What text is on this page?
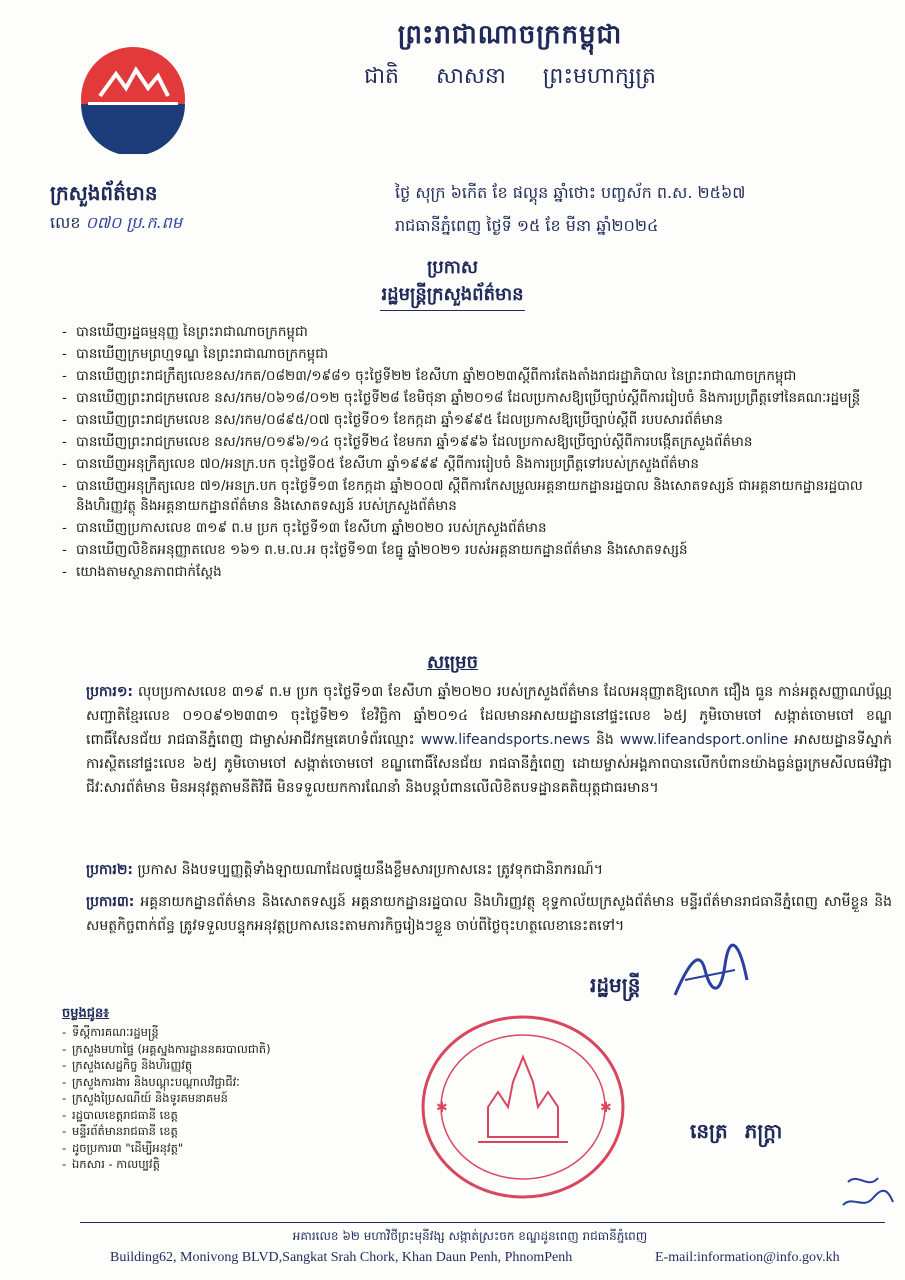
ព្រះរាជាណាចក្រកម្ពុជា
ជាតិ សាសនា ព្រះមហាក្សត្រ
ក្រសួងព័ត៌មាន
លេខ ០៧០ ប្រ.ក.ពម
ថ្ងៃ សុក្រ ៦កើត ខែ ផល្គុន ឆ្នាំថោះ បញ្ចស័ក ព.ស. ២៥៦៧
រាជធានីភ្នំពេញ ថ្ងៃទី ១៥ ខែ មីនា ឆ្នាំ២០២៤
ប្រកាស
រដ្ឋមន្ត្រីក្រសួងព័ត៌មាន
- បានឃើញរដ្ឋធម្មនុញ្ញ នៃព្រះរាជាណាចក្រកម្ពុជា
- បានឃើញក្រមព្រហ្មទណ្ឌ នៃព្រះរាជាណាចក្រកម្ពុជា
- បានឃើញព្រះរាជក្រឹត្យលេខនស/រកត/០៨២៣/១៩៨១ ចុះថ្ងៃទី២២ ខែសីហា ឆ្នាំ២០២៣ស្តីពីការតែងតាំងរាជរដ្ឋាភិបាល នៃព្រះរាជាណាចក្រកម្ពុជា
- បានឃើញព្រះរាជក្រមលេខ នស/រកម/០៦១៨/០១២ ចុះថ្ងៃទី២៨ ខែមិថុនា ឆ្នាំ២០១៨ ដែលប្រកាសឱ្យប្រើច្បាប់ស្តីពីការរៀបចំ និងការប្រព្រឹត្តទៅនៃគណៈរដ្ឋមន្ត្រី
- បានឃើញព្រះរាជក្រមលេខ នស/រកម/០៨៩៥/០៧ ចុះថ្ងៃទី០១ ខែកក្កដា ឆ្នាំ១៩៩៥ ដែលប្រកាសឱ្យប្រើច្បាប់ស្តីពី របបសារព័ត៌មាន
- បានឃើញព្រះរាជក្រមលេខ នស/រកម/០១៩៦/១៤ ចុះថ្ងៃទី២៤ ខែមករា ឆ្នាំ១៩៩៦ ដែលប្រកាសឱ្យប្រើច្បាប់ស្តីពីការបង្កើតក្រសួងព័ត៌មាន
- បានឃើញអនុក្រឹត្យលេខ ៧០/អនក្រ.បក ចុះថ្ងៃទី០៥ ខែសីហា ឆ្នាំ១៩៩៩ ស្តីពីការរៀបចំ និងការប្រព្រឹត្តទៅរបស់ក្រសួងព័ត៌មាន
- បានឃើញអនុក្រឹត្យលេខ ៧១/អនក្រ.បក ចុះថ្ងៃទី១៣ ខែកក្កដា ឆ្នាំ២០០៧ ស្តីពីការកែសម្រួលអគ្គនាយកដ្ឋានរដ្ឋបាល និងសោតទស្សន៍ ជាអគ្គនាយកដ្ឋានរដ្ឋបាល និងហិរញ្ញវត្ថុ និងអគ្គនាយកដ្ឋានព័ត៌មាន និងសោតទស្សន៍ របស់ក្រសួងព័ត៌មាន
- បានឃើញប្រកាសលេខ ៣១៩ ព.ម ប្រក ចុះថ្ងៃទី១៣ ខែសីហា ឆ្នាំ២០២០ របស់ក្រសួងព័ត៌មាន
- បានឃើញលិខិតអនុញ្ញាតលេខ ១៦១ ព.ម.ល.អ ចុះថ្ងៃទី១៣ ខែធ្នូ ឆ្នាំ២០២១ របស់អគ្គនាយកដ្ឋានព័ត៌មាន និងសោតទស្សន៍
- យោងតាមស្ថានភាពជាក់ស្តែង
សម្រេច
ប្រការ១: លុបប្រកាសលេខ ៣១៩ ព.ម ប្រក ចុះថ្ងៃទី១៣ ខែសីហា ឆ្នាំ២០២០ របស់ក្រសួងព័ត៌មាន ដែលអនុញ្ញាតឱ្យលោក ជឿង ធួន កាន់អត្តសញ្ញាណប័ណ្ណសញ្ជាតិខ្មែរលេខ ០១០៩១២៣៣១ ចុះថ្ងៃទី២១ ខែវិច្ឆិកា ឆ្នាំ២០១៤ ដែលមានអាសយដ្ឋាននៅផ្ទះលេខ ៦៥J ភូមិចោមចៅ សង្កាត់ចោមចៅ ខណ្ឌពោធិ៍សែនជ័យ រាជធានីភ្នំពេញ ជាម្ចាស់អាជីវកម្មគេហទំព័រឈ្មោះ www.lifeandsports.news និង www.lifeandsport.online អាសយដ្ឋានទីស្នាក់ការស្ថិតនៅផ្ទះលេខ ៦៥J ភូមិចោមចៅ សង្កាត់ចោមចៅ ខណ្ឌពោធិ៍សែនជ័យ រាជធានីភ្នំពេញ ដោយម្ចាស់អង្គភាពបានលើកបំពានយ៉ាងធ្ងន់ធ្ងរក្រមសីលធម៌វិជ្ជាជីវៈសារព័ត៌មាន មិនអនុវត្តតាមនីតិវិធី មិនទទួលយកការណែនាំ និងបន្តបំពានលើលិខិតបទដ្ឋានគតិយុត្តជាធរមាន។
ប្រការ២: ប្រកាស និងបទប្បញ្ញត្តិទាំងឡាយណាដែលផ្ទុយនឹងខ្លឹមសារប្រកាសនេះ ត្រូវទុកជានិរាករណ៍។
ប្រការ៣: អគ្គនាយកដ្ឋានព័ត៌មាន និងសោតទស្សន៍ អគ្គនាយកដ្ឋានរដ្ឋបាល និងហិរញ្ញវត្ថុ ខុទ្ទកាល័យក្រសួងព័ត៌មាន មន្ទីរព័ត៌មានរាជធានីភ្នំពេញ សាមីខ្លួន និងសមត្ថកិច្ចពាក់ព័ន្ធ ត្រូវទទួលបន្ទុកអនុវត្តប្រកាសនេះតាមភារកិច្ចរៀងៗខ្លួន ចាប់ពីថ្ងៃចុះហត្ថលេខានេះតទៅ។
ចម្លងជូន៖
- ទីស្តីការគណៈរដ្ឋមន្ត្រី
- ក្រសួងមហាផ្ទៃ (អគ្គស្នងការដ្ឋាននគរបាលជាតិ)
- ក្រសួងសេដ្ឋកិច្ច និងហិរញ្ញវត្ថុ
- ក្រសួងការងារ និងបណ្តុះបណ្តាលវិជ្ជាជីវៈ
- ក្រសួងប្រៃសណីយ៍ និងទូរគមនាគមន៍
- រដ្ឋបាលខេត្តរាជធានី ខេត្ត
- មន្ទីរព័ត៌មានរាជធានី ខេត្ត
- ដូចប្រការ៣ "ដើម្បីអនុវត្ត"
- ឯកសារ - កាលប្បវត្តិ
✱	✱
រដ្ឋមន្ត្រី
នេត្រ ភក្ត្រា
អគារលេខ ៦២ មហាវិថីព្រះមុនីវង្ស សង្កាត់ស្រះចក ខណ្ឌដូនពេញ រាជធានីភ្នំពេញ
Building62, Monivong BLVD,Sangkat Srah Chork, Khan Daun Penh, PhnomPenh	E-mail:information@info.gov.kh
